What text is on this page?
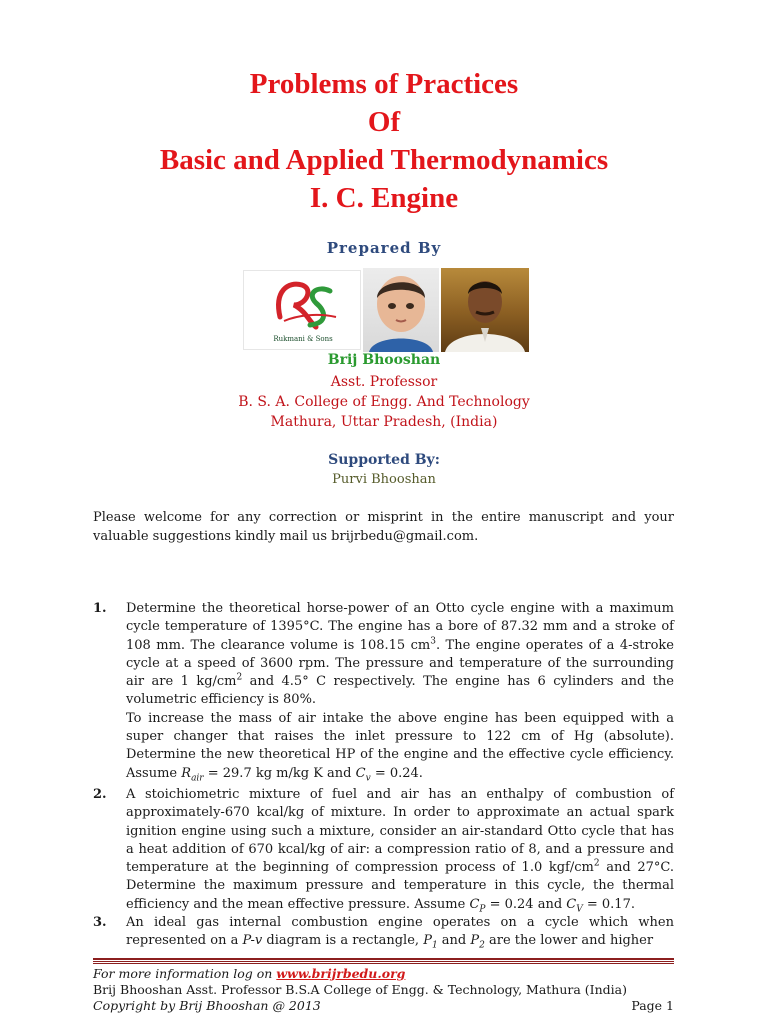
Problems of Practices
Of
Basic and Applied Thermodynamics
I. C. Engine
Prepared By
Rukmani & Sons
Brij Bhooshan
Asst. Professor
B. S. A. College of Engg. And Technology
Mathura, Uttar Pradesh, (India)
Supported By:
Purvi Bhooshan

Please welcome for any correction or misprint in the entire manuscript and your valuable suggestions kindly mail us brijrbedu@gmail.com.

1. Determine the theoretical horse-power of an Otto cycle engine with a maximum cycle temperature of 1395°C. The engine has a bore of 87.32 mm and a stroke of 108 mm. The clearance volume is 108.15 $cm^3$. The engine operates of a 4-stroke cycle at a speed of 3600 rpm. The pressure and temperature of the surrounding air are 1 $kg/cm^2$ and 4.5° C respectively. The engine has 6 cylinders and the volumetric efficiency is 80%.

To increase the mass of air intake the above engine has been equipped with a super changer that raises the inlet pressure to 122 cm of Hg (absolute). Determine the new theoretical HP of the engine and the effective cycle efficiency. Assume $R_{air} = 29.7$ kg m/kg K and $C_v = 0.24$.

2. A stoichiometric mixture of fuel and air has an enthalpy of combustion of approximately-670 kcal/kg of mixture. In order to approximate an actual spark ignition engine using such a mixture, consider an air-standard Otto cycle that has a heat addition of 670 kcal/kg of air: a compression ratio of 8, and a pressure and temperature at the beginning of compression process of 1.0 kgf/$cm^2$ and 27°C. Determine the maximum pressure and temperature in this cycle, the thermal efficiency and the mean effective pressure. Assume $C_P = 0.24$ and $C_V = 0.17$.

3. An ideal gas internal combustion engine operates on a cycle which when represented on a P-v diagram is a rectangle, $P_1$ and $P_2$ are the lower and higher

For more information log on www.brijrbedu.org
Brij Bhooshan Asst. Professor B.S.A College of Engg. & Technology, Mathura (India)
Copyright by Brij Bhooshan @ 2013	Page 1
